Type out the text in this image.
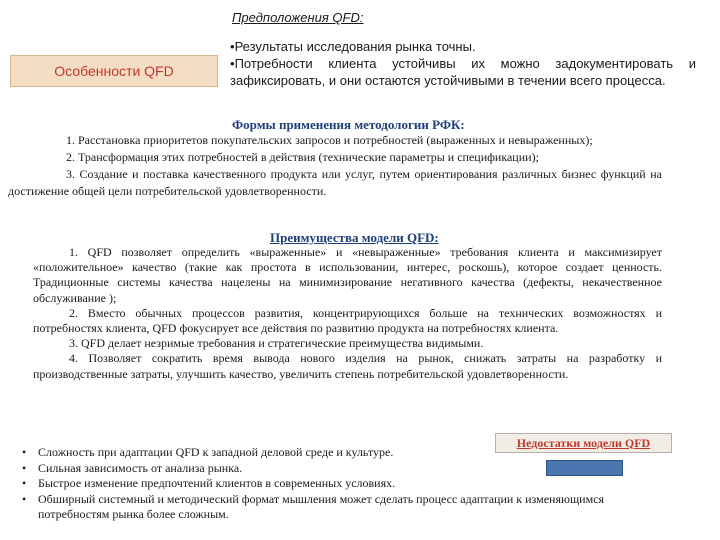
Предположения QFD:
Особенности QFD
•Результаты исследования рынка точны.
•Потребности клиента устойчивы их можно задокументировать и зафиксировать, и они остаются устойчивыми в течении всего процесса.
Формы применения методологии РФК:

1. Расстановка приоритетов покупательских запросов и потребностей (выраженных и невыраженных);

2. Трансформация этих потребностей в действия (технические параметры и спецификации);

3. Создание и поставка качественного продукта или услуг, путем ориентирования различных бизнес функций на достижение общей цели потребительской удовлетворенности.

Преимущества модели QFD:

1. QFD позволяет определить «выраженные» и «невыраженные» требования клиента и максимизирует «положительное» качество (такие как простота в использовании, интерес, роскошь), которое создает ценность. Традиционные системы качества нацелены на минимизирование негативного качества (дефекты, некачественное обслуживание );

2. Вместо обычных процессов развития, концентрирующихся больше на технических возможностях и потребностях клиента, QFD фокусирует все действия по развитию продукта на потребностях клиента.

3. QFD делает незримые требования и стратегические преимущества видимыми.

4. Позволяет сократить время вывода нового изделия на рынок, снижать затраты на разработку и производственные затраты, улучшить качество, увеличить степень потребительской удовлетворенности.

Недостатки модели QFD
• Сложность при адаптации QFD к западной деловой среде и культуре.
• Сильная зависимость от анализа рынка.
• Быстрое изменение предпочтений клиентов в современных условиях.
• Обширный системный и методический формат мышления может сделать процесс адаптации к изменяющимся потребностям рынка более сложным.
